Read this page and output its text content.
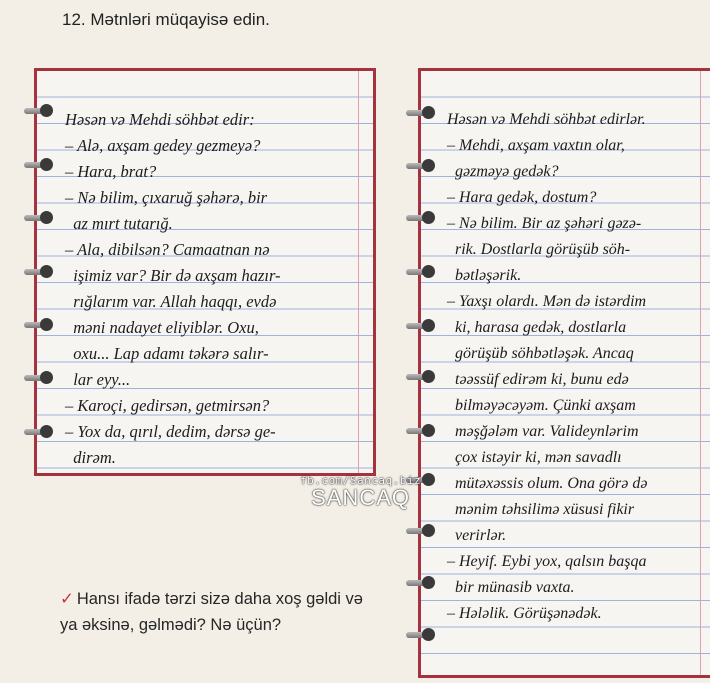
12. Mətnləri müqayisə edin.
Həsən və Mehdi söhbət edir:
– Alə, axşam gedey gezmeyə?
– Hara, brat?
– Nə bilim, çıxaruğ şəhərə, bir
az mırt tutarığ.
– Ala, dibilsən? Camaatnan nə
işimiz var? Bir də axşam hazır-
rığlarım var. Allah haqqı, evdə
məni nadayet eliyiblər. Oxu,
oxu... Lap adamı təkərə salır-
lar eyy...
– Karoçi, gedirsən, getmirsən?
– Yox da, qırıl, dedim, dərsə ge-
dirəm.
Həsən və Mehdi söhbət edirlər.
– Mehdi, axşam vaxtın olar,
gəzməyə gedək?
– Hara gedək, dostum?
– Nə bilim. Bir az şəhəri gəzə-
rik. Dostlarla görüşüb söh-
bətləşərik.
– Yaxşı olardı. Mən də istərdim
ki, harasa gedək, dostlarla
görüşüb söhbətləşək. Ancaq
təəssüf edirəm ki, bunu edə
bilməyəcəyəm. Çünki axşam
məşğələm var. Valideynlərim
çox istəyir ki, mən savadlı
mütəxəssis olum. Ona görə də
mənim təhsilimə xüsusi fikir
verirlər.
– Heyif. Eybi yox, qalsın başqa
bir münasib vaxta.
– Hələlik. Görüşənədək.
fb.com/Sancaq.biz
SANCAQ
✓ Hansı ifadə tərzi sizə daha xoş gəldi və ya əksinə, gəlmədi? Nə üçün?
